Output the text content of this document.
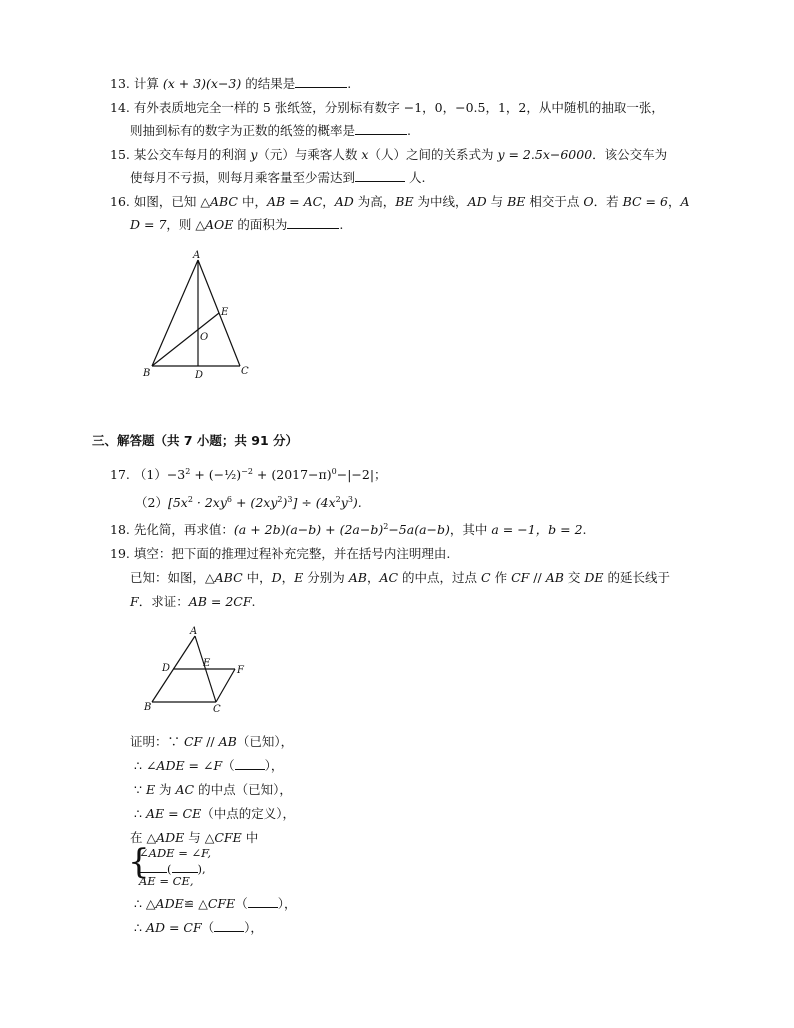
13. 计算 (x + 3)(x−3) 的结果是	.
14. 有外表质地完全一样的 5 张纸签，分别标有数字 −1，0，−0.5，1，2，从中随机的抽取一张，
则抽到标有的数字为正数的纸签的概率是	.
15. 某公交车每月的利润 y（元）与乘客人数 x（人）之间的关系式为 y = 2.5x−6000．该公交车为
使每月不亏损，则每月乘客量至少需达到	人.
16. 如图，已知 △ABC 中，AB = AC，AD 为高，BE 为中线，AD 与 BE 相交于点 O．若 BC = 6，A
D = 7，则 △AOE 的面积为	.
A
B	C
D
E
O
三、解答题（共 7 小题；共 91 分）
17. $(1)-3^2$ + (−½)$^{-2}$ + $(2017-\pi)^0-|-2|$；
$(2)[5x^2 \cdot 2xy^6 + (2xy^2)^3] \div (4x^2y^3)$.
18. 先化简，再求值：$(a + 2b)(a-b) + (2a-b)^2-5a(a-b)$，其中 a = −1，b = 2.
19. 填空：把下面的推理过程补充完整，并在括号内注明理由.
已知：如图，△ABC 中，D，E 分别为 AB，AC 的中点，过点 C 作 CF // AB 交 DE 的延长线于
F．求证：AB = 2CF.
A
B	C
D	E
F
证明：∵ CF // AB（已知），
∴ ∠ADE = ∠F（ ），
∵ E 为 AC 的中点（已知），
∴ AE = CE（中点的定义），
在 △ADE 与 △CFE 中
{
∠ADE = ∠F,
( ),
AE = CE,
∴ △ADE≌ △CFE（ ），
∴ AD = CF（ ），
